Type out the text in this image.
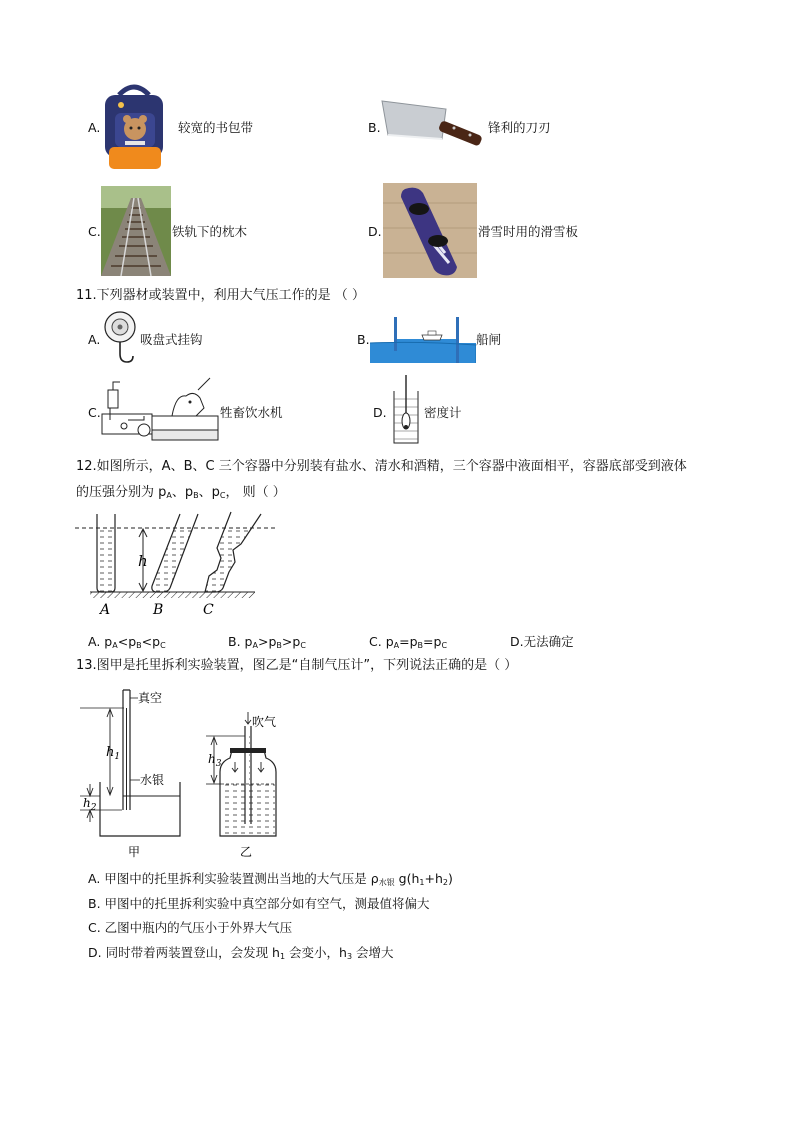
A.	较宽的书包带	B.	锋利的刀刃
C.	铁轨下的枕木	D.	滑雪时用的滑雪板
11.下列器材或装置中，利用大气压工作的是 （ ）
A.	吸盘式挂钩	B.	船闸
C.	牲畜饮水机	D.	密度计
12.如图所示，A、B、C 三个容器中分别装有盐水、清水和酒精，三个容器中液面相平，容器底部受到液体
的压强分别为 $p_A$、$p_B$、$p_C$， 则（ ）
h
A	B	C
A. $p_A<p_B<p_C$	B. $p_A>p_B>p_C$	C. $p_A=p_B=p_C$	D.无法确定
13.图甲是托里拆利实验装置，图乙是“自制气压计”，下列说法正确的是（ ）
真空
水银
$h_1$
$h_2$
甲
吹气
$h_3$
乙
A. 甲图中的托里拆利实验装置测出当地的大气压是 $\rho_{水银}$ $g(h_1+h_2)$
B. 甲图中的托里拆利实验中真空部分如有空气，测最值将偏大
C. 乙图中瓶内的气压小于外界大气压
D. 同时带着两装置登山，会发现 $h_1$ 会变小，$h_3$ 会增大
